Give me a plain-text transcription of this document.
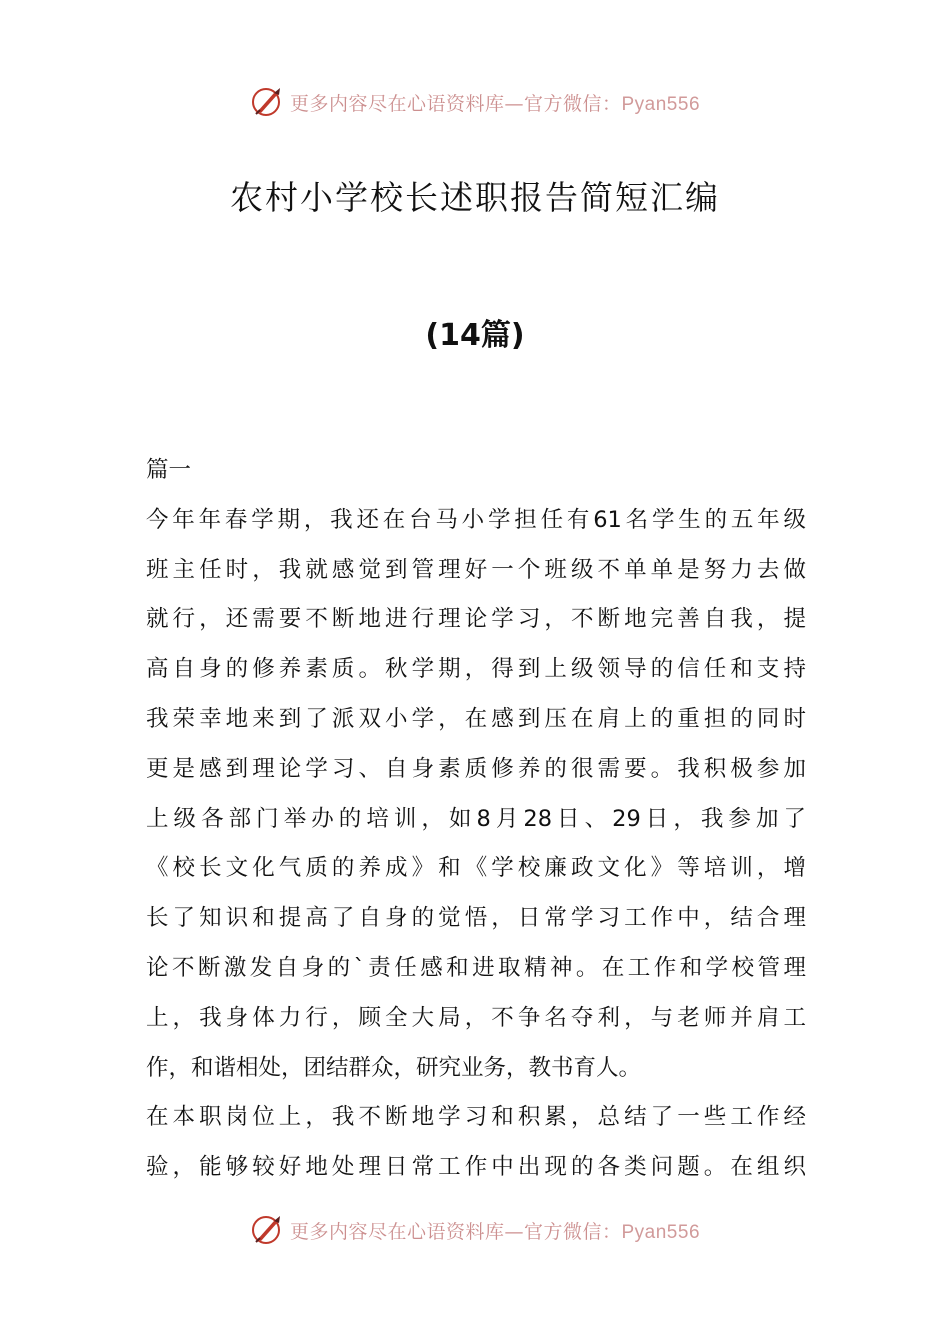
更多内容尽在心语资料库—官方微信：Pyan556
农村小学校长述职报告简短汇编
(14篇)
篇一
今年年春学期，我还在台马小学担任有61名学生的五年级
班主任时，我就感觉到管理好一个班级不单单是努力去做
就行，还需要不断地进行理论学习，不断地完善自我，提
高自身的修养素质。秋学期，得到上级领导的信任和支持
我荣幸地来到了派双小学，在感到压在肩上的重担的同时
更是感到理论学习、自身素质修养的很需要。我积极参加
上级各部门举办的培训，如8月28日、29日，我参加了
《校长文化气质的养成》和《学校廉政文化》等培训，增
长了知识和提高了自身的觉悟，日常学习工作中，结合理
论不断激发自身的`责任感和进取精神。在工作和学校管理
上，我身体力行，顾全大局，不争名夺利，与老师并肩工
作，和谐相处，团结群众，研究业务，教书育人。
在本职岗位上，我不断地学习和积累，总结了一些工作经
验，能够较好地处理日常工作中出现的各类问题。在组织
更多内容尽在心语资料库—官方微信：Pyan556
